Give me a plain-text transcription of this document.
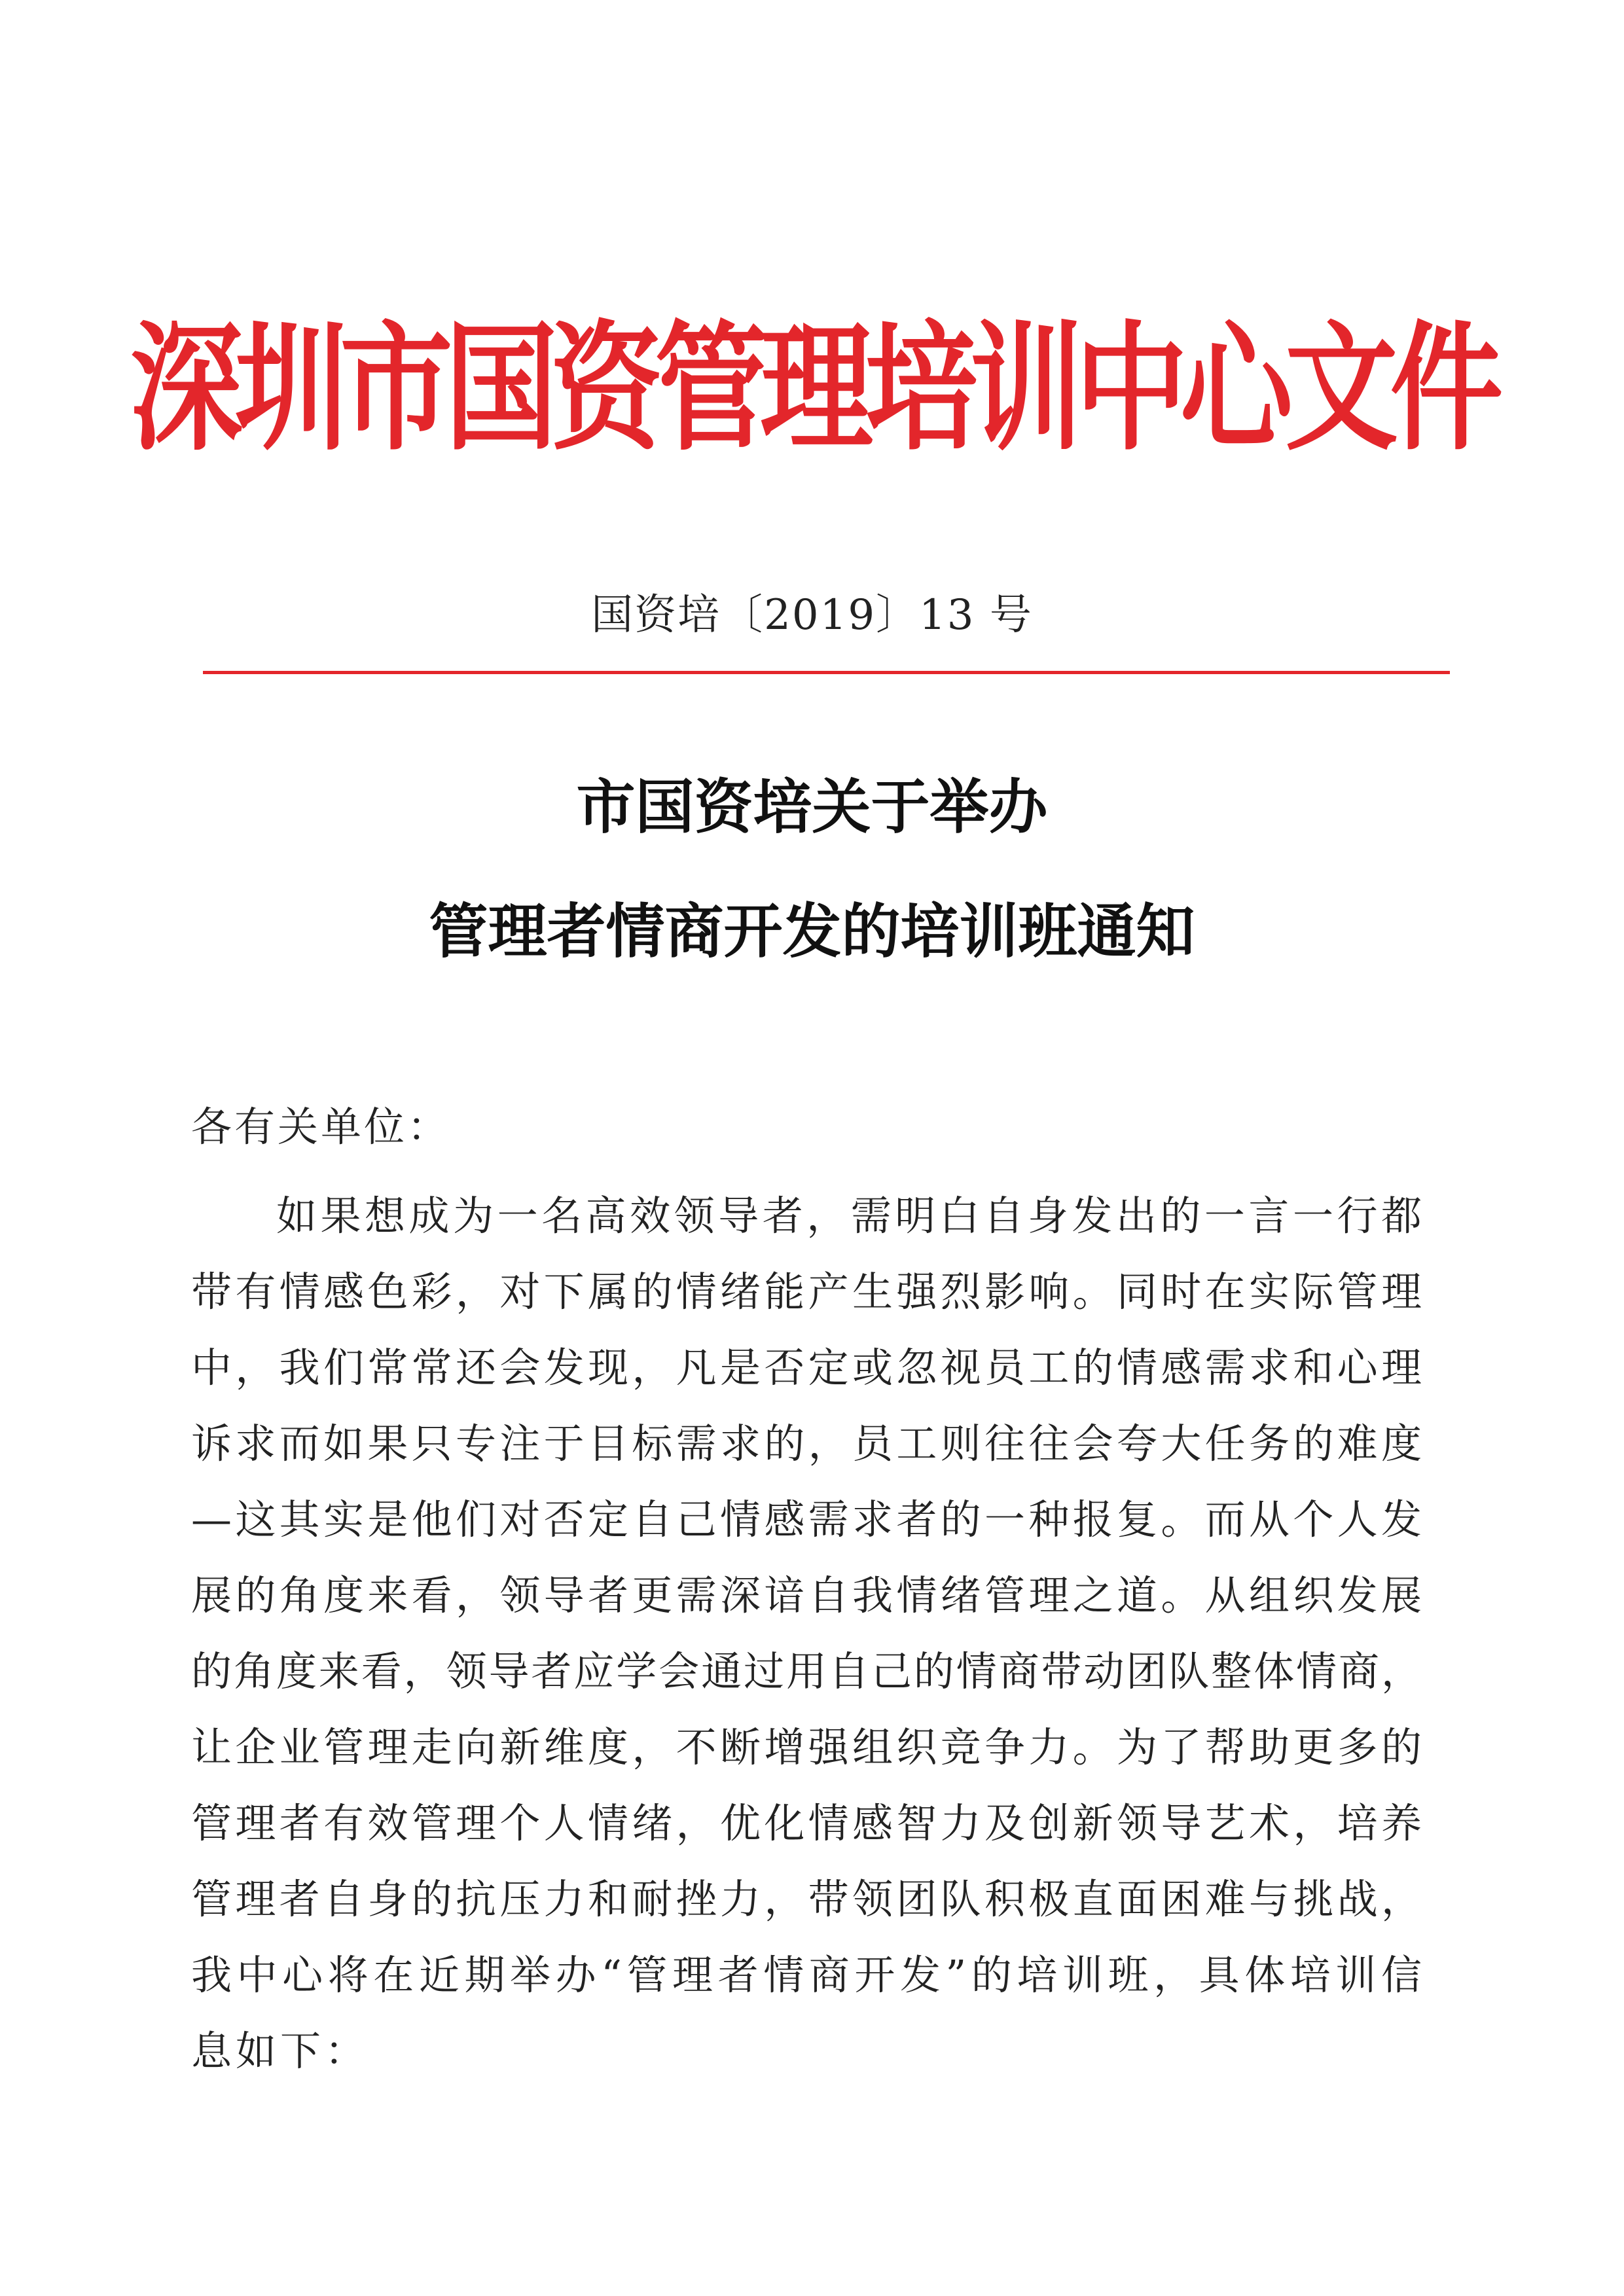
深圳市国资管理培训中心文件
国资培〔2019〕13 号
市国资培关于举办
管理者情商开发的培训班通知
各有关单位：
如果想成为一名高效领导者，需明白自身发出的一言一行都
带有情感色彩，对下属的情绪能产生强烈影响。同时在实际管理
中，我们常常还会发现，凡是否定或忽视员工的情感需求和心理
诉求而如果只专注于目标需求的，员工则往往会夸大任务的难度
—这其实是他们对否定自己情感需求者的一种报复。而从个人发
展的角度来看，领导者更需深谙自我情绪管理之道。从组织发展
的角度来看，领导者应学会通过用自己的情商带动团队整体情商，
让企业管理走向新维度，不断增强组织竞争力。为了帮助更多的
管理者有效管理个人情绪，优化情感智力及创新领导艺术，培养
管理者自身的抗压力和耐挫力，带领团队积极直面困难与挑战，
我中心将在近期举办“管理者情商开发”的培训班，具体培训信
息如下：
